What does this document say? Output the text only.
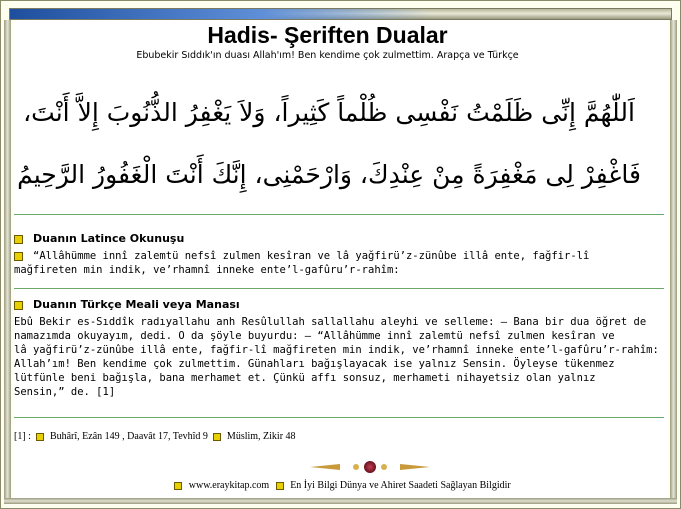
Hadis- Şeriften Dualar
Ebubekir Sıddık'ın duası Allah'ım! Ben kendime çok zulmettim. Arapça ve Türkçe
اَللّٰهُمَّ إِنِّى ظَلَمْتُ نَفْسِى ظُلْماً كَثِيراً، وَلاَ يَغْفِرُ الذُّنُوبَ إِلاَّ أَنْتَ،
فَاغْفِرْ لِى مَغْفِرَةً مِنْ عِنْدِكَ، وَارْحَمْنِى، إِنَّكَ أَنْتَ الْغَفُورُ الرَّحِيمُ
Duanın Latince Okunuşu
“Allâhümme innî zalemtü nefsî zulmen kesîran ve lâ yağfirü’z-zünûbe illâ ente, fağfir-lî
mağfireten min indik, ve’rhamnî inneke ente’l-gafûru’r-rahîm:
Duanın Türkçe Meali veya Manası
Ebû Bekir es-Sıddîk radıyallahu anh Resûlullah sallallahu aleyhi ve selleme: – Bana bir dua öğret de
namazımda okuyayım, dedi. O da şöyle buyurdu: – “Allâhümme innî zalemtü nefsî zulmen kesîran ve
lâ yağfirü’z-zünûbe illâ ente, fağfir-lî mağfireten min indik, ve’rhamnî inneke ente’l-gafûru’r-rahîm:
Allah’ım! Ben kendime çok zulmettim. Günahları bağışlayacak ise yalnız Sensin. Öyleyse tükenmez
lütfünle beni bağışla, bana merhamet et. Çünkü affı sonsuz, merhameti nihayetsiz olan yalnız
Sensin,” de. [1]
[1] : Buhârî, Ezân 149 , Daavât 17, Tevhîd 9 Müslim, Zikir 48
www.eraykitap.com En İyi Bilgi Dünya ve Ahiret Saadeti Sağlayan Bilgidir
